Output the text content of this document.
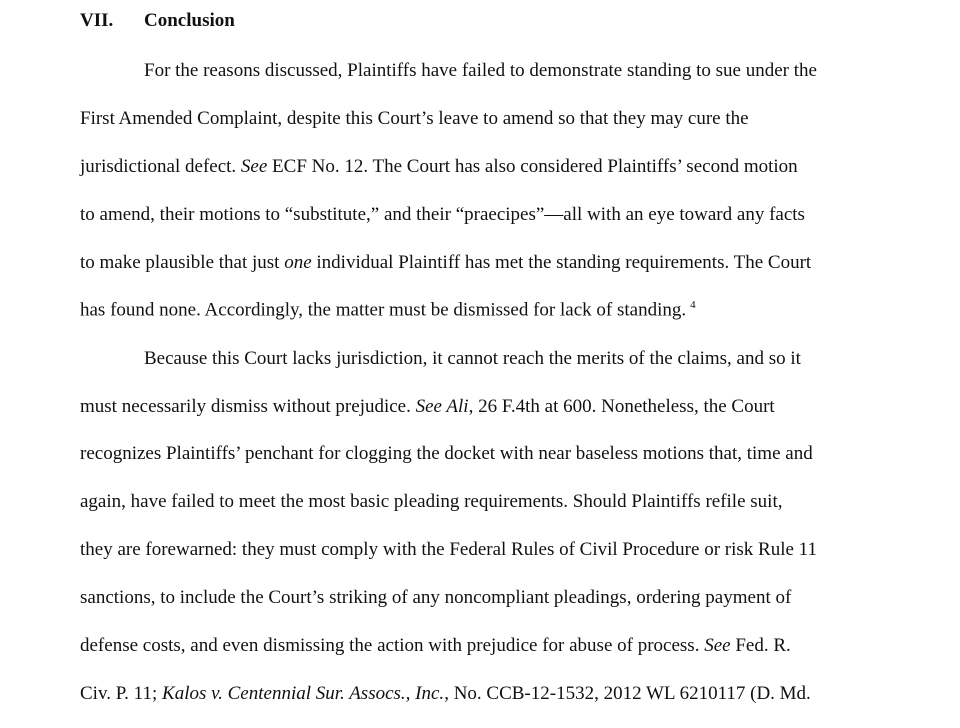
VII. Conclusion
For the reasons discussed, Plaintiffs have failed to demonstrate standing to sue under the
First Amended Complaint, despite this Court’s leave to amend so that they may cure the
jurisdictional defect. See ECF No. 12. The Court has also considered Plaintiffs’ second motion
to amend, their motions to “substitute,” and their “praecipes”—all with an eye toward any facts
to make plausible that just one individual Plaintiff has met the standing requirements. The Court
has found none. Accordingly, the matter must be dismissed for lack of standing. $^4$
Because this Court lacks jurisdiction, it cannot reach the merits of the claims, and so it
must necessarily dismiss without prejudice. See Ali, 26 F.4th at 600. Nonetheless, the Court
recognizes Plaintiffs’ penchant for clogging the docket with near baseless motions that, time and
again, have failed to meet the most basic pleading requirements. Should Plaintiffs refile suit,
they are forewarned: they must comply with the Federal Rules of Civil Procedure or risk Rule 11
sanctions, to include the Court’s striking of any noncompliant pleadings, ordering payment of
defense costs, and even dismissing the action with prejudice for abuse of process. See Fed. R.
Civ. P. 11; Kalos v. Centennial Sur. Assocs., Inc., No. CCB-12-1532, 2012 WL 6210117 (D. Md.
